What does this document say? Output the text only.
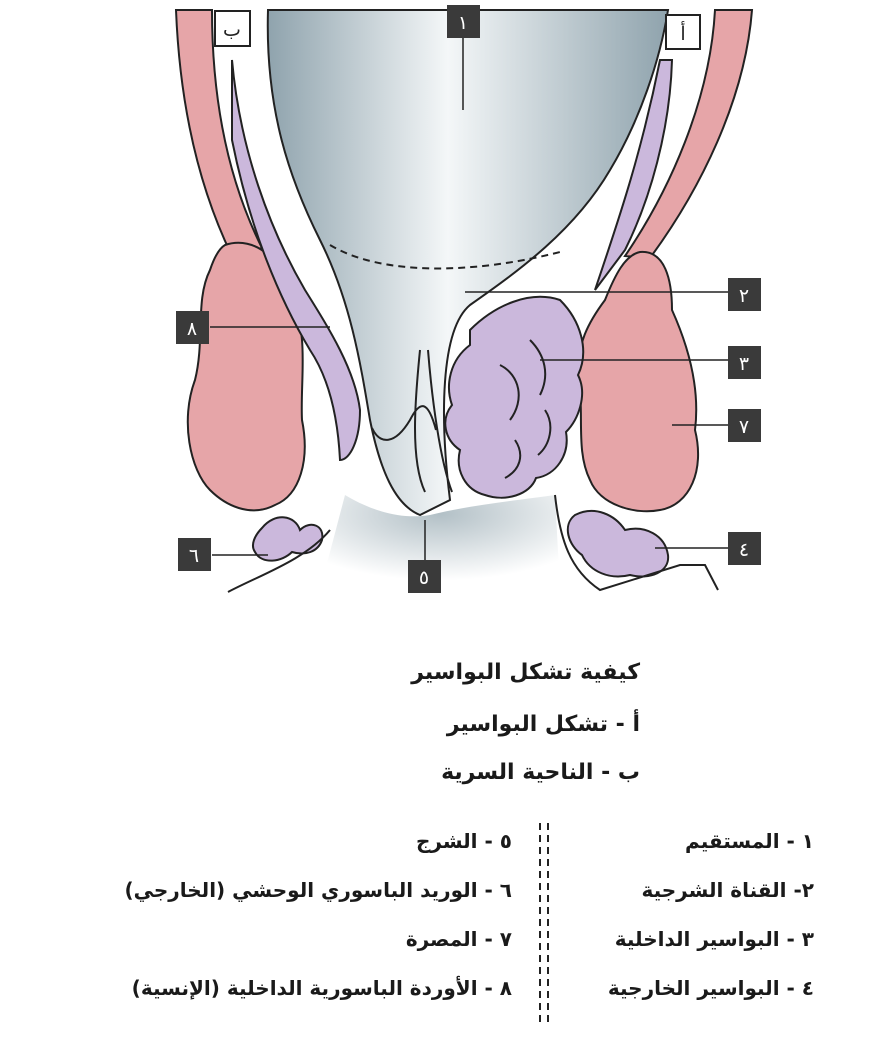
ب	أ
١
٢
٣
٤
٥
٦
٧
٨
كيفية تشكل البواسير
أ - تشكل البواسير
ب - الناحية السرية
١ - المستقيم
٢- القناة الشرجية
٣ - البواسير الداخلية
٤ - البواسير الخارجية
٥ - الشرج
٦ - الوريد الباسوري الوحشي (الخارجي)
٧ - المصرة
٨ - الأوردة الباسورية الداخلية (الإنسية)
